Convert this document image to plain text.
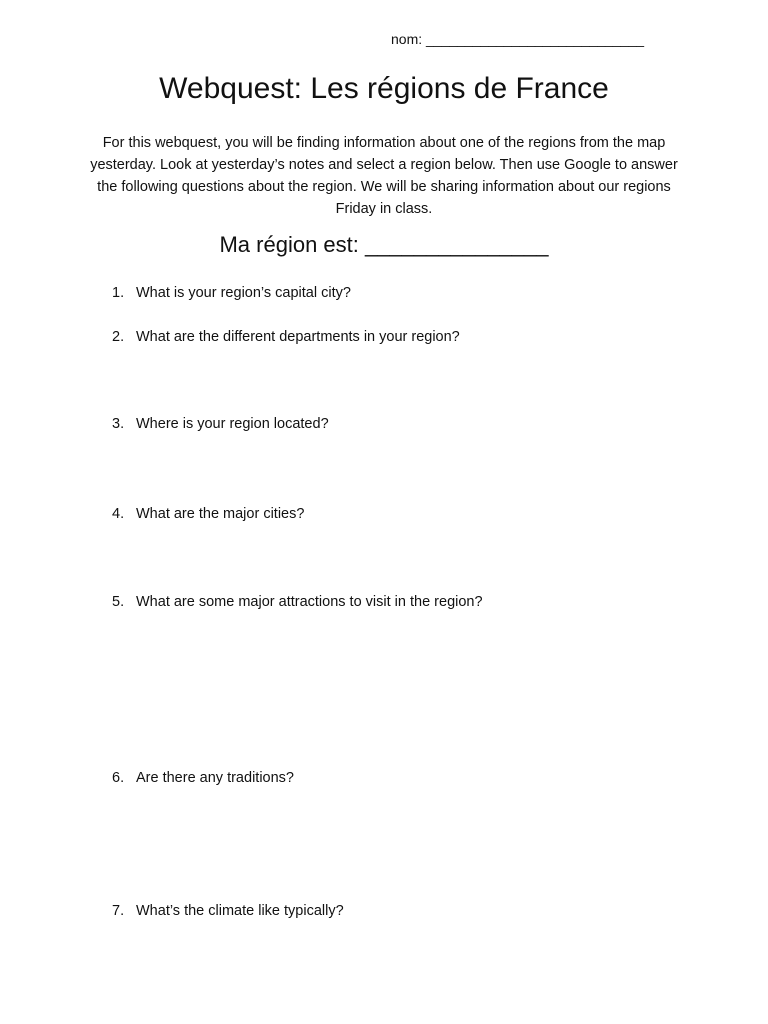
nom: ____________________________
Webquest: Les régions de France
For this webquest, you will be finding information about one of the regions from the map yesterday. Look at yesterday’s notes and select a region below. Then use Google to answer the following questions about the region. We will be sharing information about our regions Friday in class.
Ma région est: _______________
1. What is your region’s capital city?
2. What are the different departments in your region?
3. Where is your region located?
4. What are the major cities?
5. What are some major attractions to visit in the region?
6. Are there any traditions?
7. What’s the climate like typically?
